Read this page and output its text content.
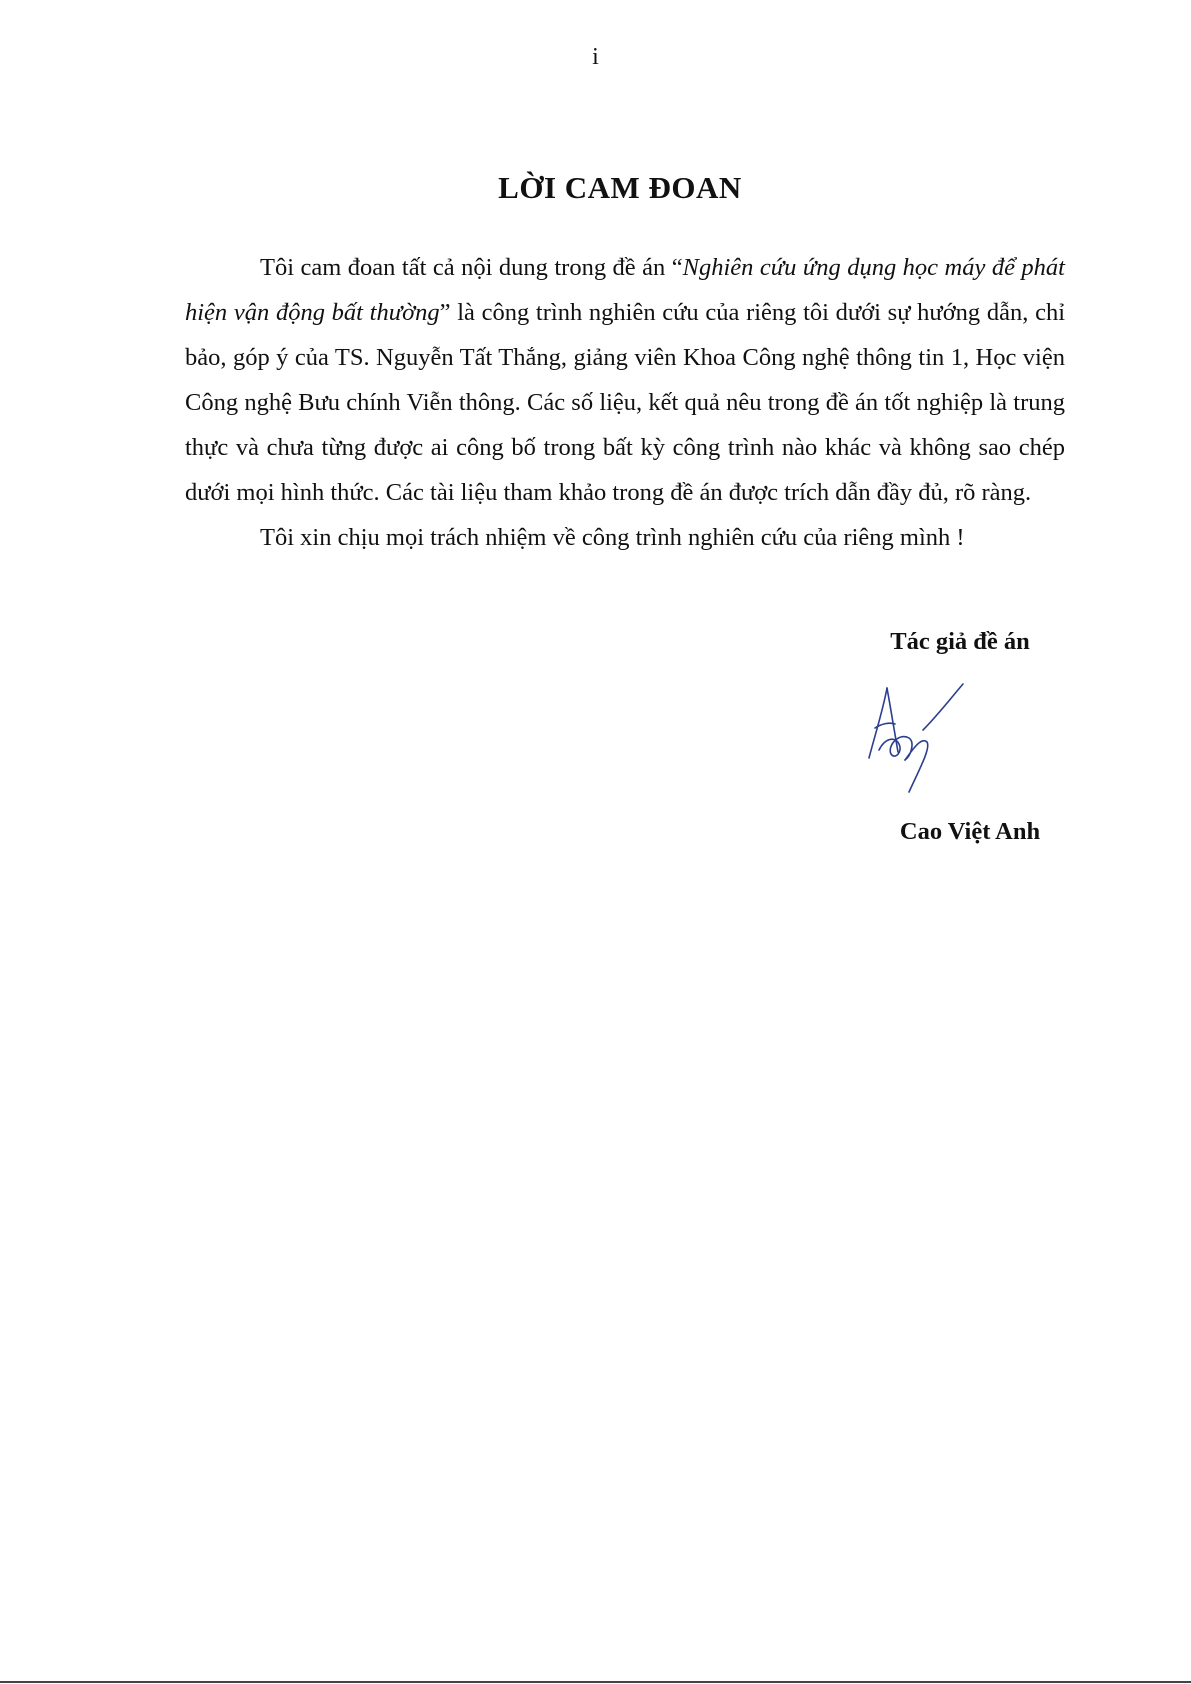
i
LỜI CAM ĐOAN

Tôi cam đoan tất cả nội dung trong đề án “Nghiên cứu ứng dụng học máy để phát hiện vận động bất thường” là công trình nghiên cứu của riêng tôi dưới sự hướng dẫn, chỉ bảo, góp ý của TS. Nguyễn Tất Thắng, giảng viên Khoa Công nghệ thông tin 1, Học viện Công nghệ Bưu chính Viễn thông. Các số liệu, kết quả nêu trong đề án tốt nghiệp là trung thực và chưa từng được ai công bố trong bất kỳ công trình nào khác và không sao chép dưới mọi hình thức. Các tài liệu tham khảo trong đề án được trích dẫn đầy đủ, rõ ràng.

Tôi xin chịu mọi trách nhiệm về công trình nghiên cứu của riêng mình !

Tác giả đề án
Cao Việt Anh
